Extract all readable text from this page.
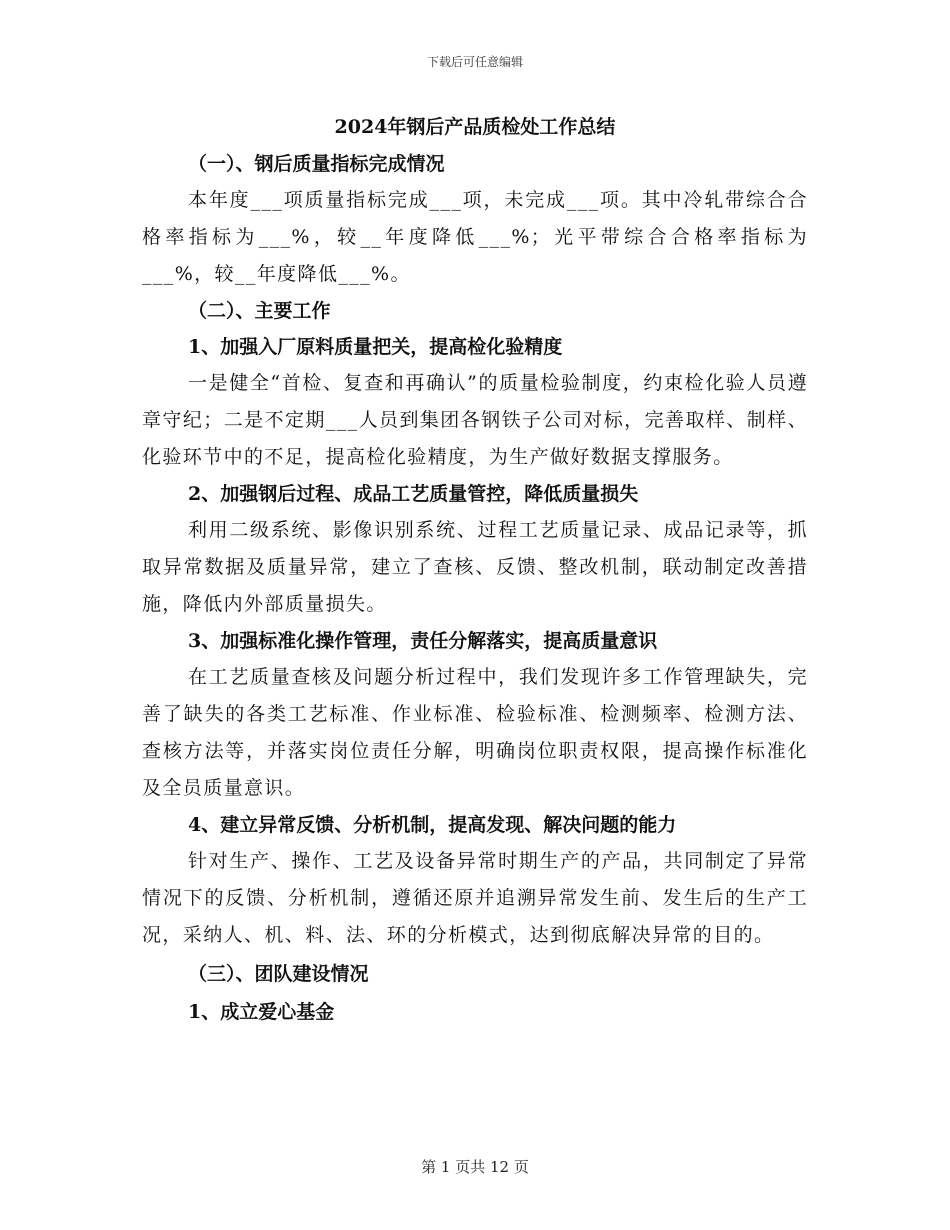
下载后可任意编辑
2024年钢后产品质检处工作总结
（一）、钢后质量指标完成情况
本年度___项质量指标完成___项，未完成___项。其中冷轧带综合合格率指标为___%，较__年度降低___%；光平带综合合格率指标为___%，较__年度降低___%。
（二）、主要工作
1、加强入厂原料质量把关，提高检化验精度
一是健全“首检、复查和再确认”的质量检验制度，约束检化验人员遵章守纪；二是不定期___人员到集团各钢铁子公司对标，完善取样、制样、化验环节中的不足，提高检化验精度，为生产做好数据支撑服务。
2、加强钢后过程、成品工艺质量管控，降低质量损失
利用二级系统、影像识别系统、过程工艺质量记录、成品记录等，抓取异常数据及质量异常，建立了查核、反馈、整改机制，联动制定改善措施，降低内外部质量损失。
3、加强标准化操作管理，责任分解落实，提高质量意识
在工艺质量查核及问题分析过程中，我们发现许多工作管理缺失，完善了缺失的各类工艺标准、作业标准、检验标准、检测频率、检测方法、查核方法等，并落实岗位责任分解，明确岗位职责权限，提高操作标准化及全员质量意识。
4、建立异常反馈、分析机制，提高发现、解决问题的能力
针对生产、操作、工艺及设备异常时期生产的产品，共同制定了异常情况下的反馈、分析机制，遵循还原并追溯异常发生前、发生后的生产工况，采纳人、机、料、法、环的分析模式，达到彻底解决异常的目的。
（三）、团队建设情况
1、成立爱心基金
第 1 页共 12 页
